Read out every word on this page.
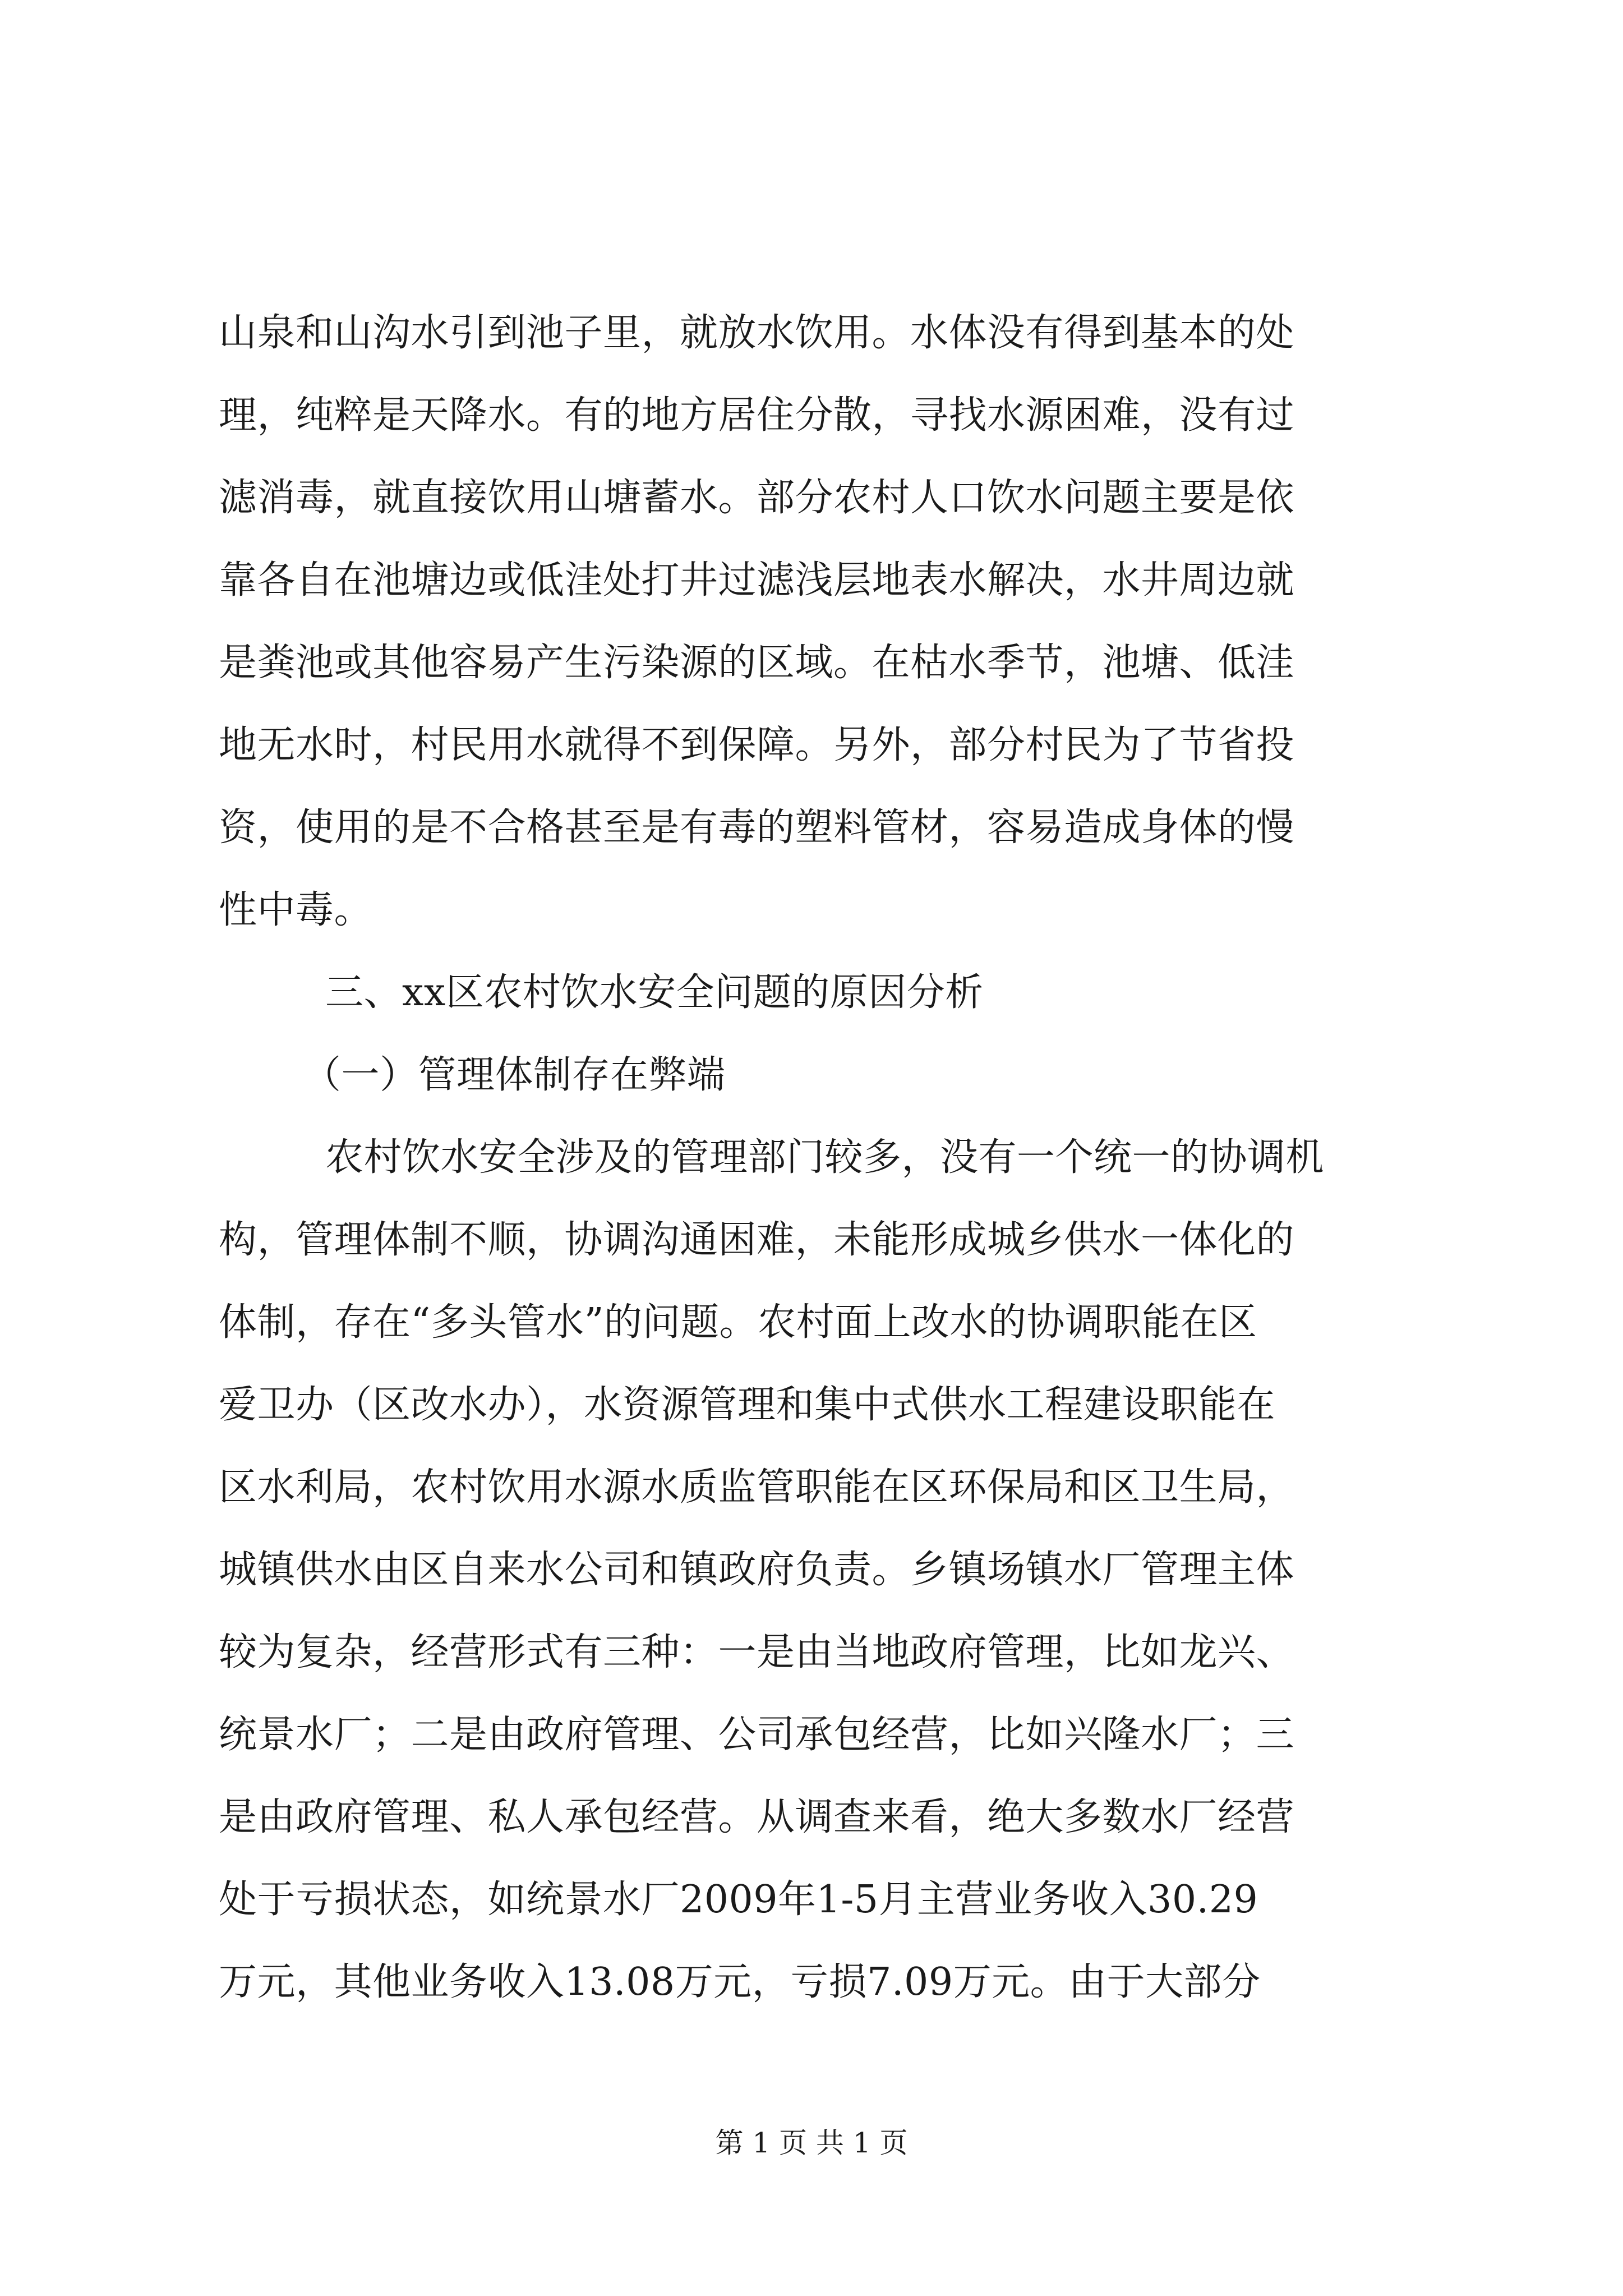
山泉和山沟水引到池子里，就放水饮用。水体没有得到基本的处
理，纯粹是天降水。有的地方居住分散，寻找水源困难，没有过
滤消毒，就直接饮用山塘蓄水。部分农村人口饮水问题主要是依
靠各自在池塘边或低洼处打井过滤浅层地表水解决，水井周边就
是粪池或其他容易产生污染源的区域。在枯水季节，池塘、低洼
地无水时，村民用水就得不到保障。另外，部分村民为了节省投
资，使用的是不合格甚至是有毒的塑料管材，容易造成身体的慢
性中毒。
三、xx区农村饮水安全问题的原因分析
（一）管理体制存在弊端
农村饮水安全涉及的管理部门较多，没有一个统一的协调机
构，管理体制不顺，协调沟通困难，未能形成城乡供水一体化的
体制，存在“多头管水”的问题。农村面上改水的协调职能在区
爱卫办（区改水办），水资源管理和集中式供水工程建设职能在
区水利局，农村饮用水源水质监管职能在区环保局和区卫生局，
城镇供水由区自来水公司和镇政府负责。乡镇场镇水厂管理主体
较为复杂，经营形式有三种：一是由当地政府管理，比如龙兴、
统景水厂；二是由政府管理、公司承包经营，比如兴隆水厂；三
是由政府管理、私人承包经营。从调查来看，绝大多数水厂经营
处于亏损状态，如统景水厂2009年1-5月主营业务收入30.29
万元，其他业务收入13.08万元，亏损7.09万元。由于大部分
第 1 页 共 1 页
